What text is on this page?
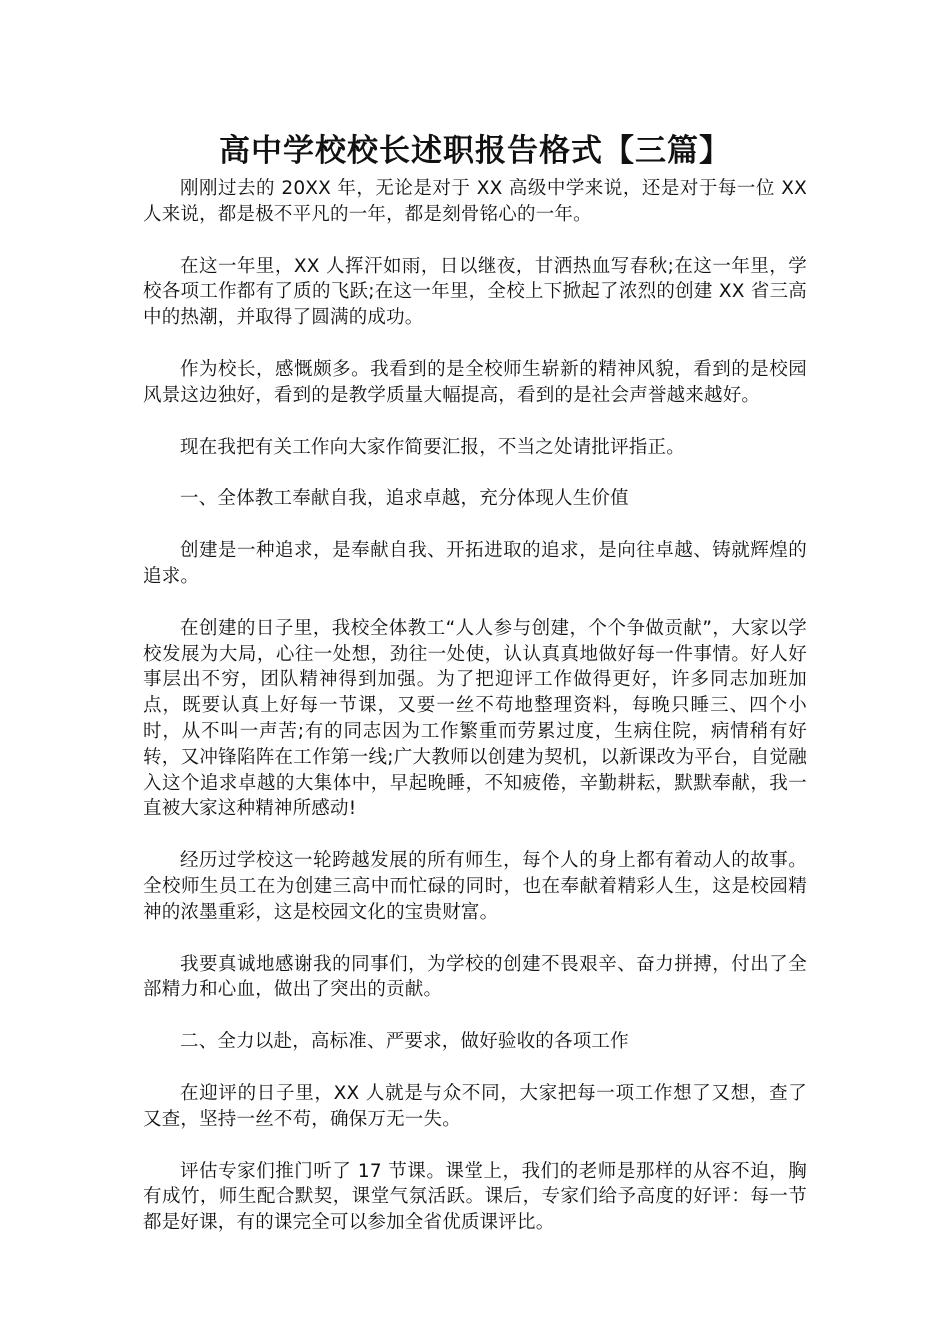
高中学校校长述职报告格式【三篇】

刚刚过去的 20XX 年，无论是对于 XX 高级中学来说，还是对于每一位 XX 人来说，都是极不平凡的一年，都是刻骨铭心的一年。

在这一年里，XX 人挥汗如雨，日以继夜，甘洒热血写春秋;在这一年里，学校各项工作都有了质的飞跃;在这一年里，全校上下掀起了浓烈的创建 XX 省三高中的热潮，并取得了圆满的成功。

作为校长，感慨颇多。我看到的是全校师生崭新的精神风貌，看到的是校园风景这边独好，看到的是教学质量大幅提高，看到的是社会声誉越来越好。

现在我把有关工作向大家作简要汇报，不当之处请批评指正。

一、全体教工奉献自我，追求卓越，充分体现人生价值

创建是一种追求，是奉献自我、开拓进取的追求，是向往卓越、铸就辉煌的追求。

在创建的日子里，我校全体教工“人人参与创建，个个争做贡献”，大家以学校发展为大局，心往一处想，劲往一处使，认认真真地做好每一件事情。好人好事层出不穷，团队精神得到加强。为了把迎评工作做得更好，许多同志加班加点，既要认真上好每一节课，又要一丝不苟地整理资料，每晚只睡三、四个小时，从不叫一声苦;有的同志因为工作繁重而劳累过度，生病住院，病情稍有好转，又冲锋陷阵在工作第一线;广大教师以创建为契机，以新课改为平台，自觉融入这个追求卓越的大集体中，早起晚睡，不知疲倦，辛勤耕耘，默默奉献，我一直被大家这种精神所感动!

经历过学校这一轮跨越发展的所有师生，每个人的身上都有着动人的故事。全校师生员工在为创建三高中而忙碌的同时，也在奉献着精彩人生，这是校园精神的浓墨重彩，这是校园文化的宝贵财富。

我要真诚地感谢我的同事们，为学校的创建不畏艰辛、奋力拼搏，付出了全部精力和心血，做出了突出的贡献。

二、全力以赴，高标准、严要求，做好验收的各项工作

在迎评的日子里，XX 人就是与众不同，大家把每一项工作想了又想，查了又查，坚持一丝不苟，确保万无一失。

评估专家们推门听了 17 节课。课堂上，我们的老师是那样的从容不迫，胸有成竹，师生配合默契，课堂气氛活跃。课后，专家们给予高度的好评：每一节都是好课，有的课完全可以参加全省优质课评比。
